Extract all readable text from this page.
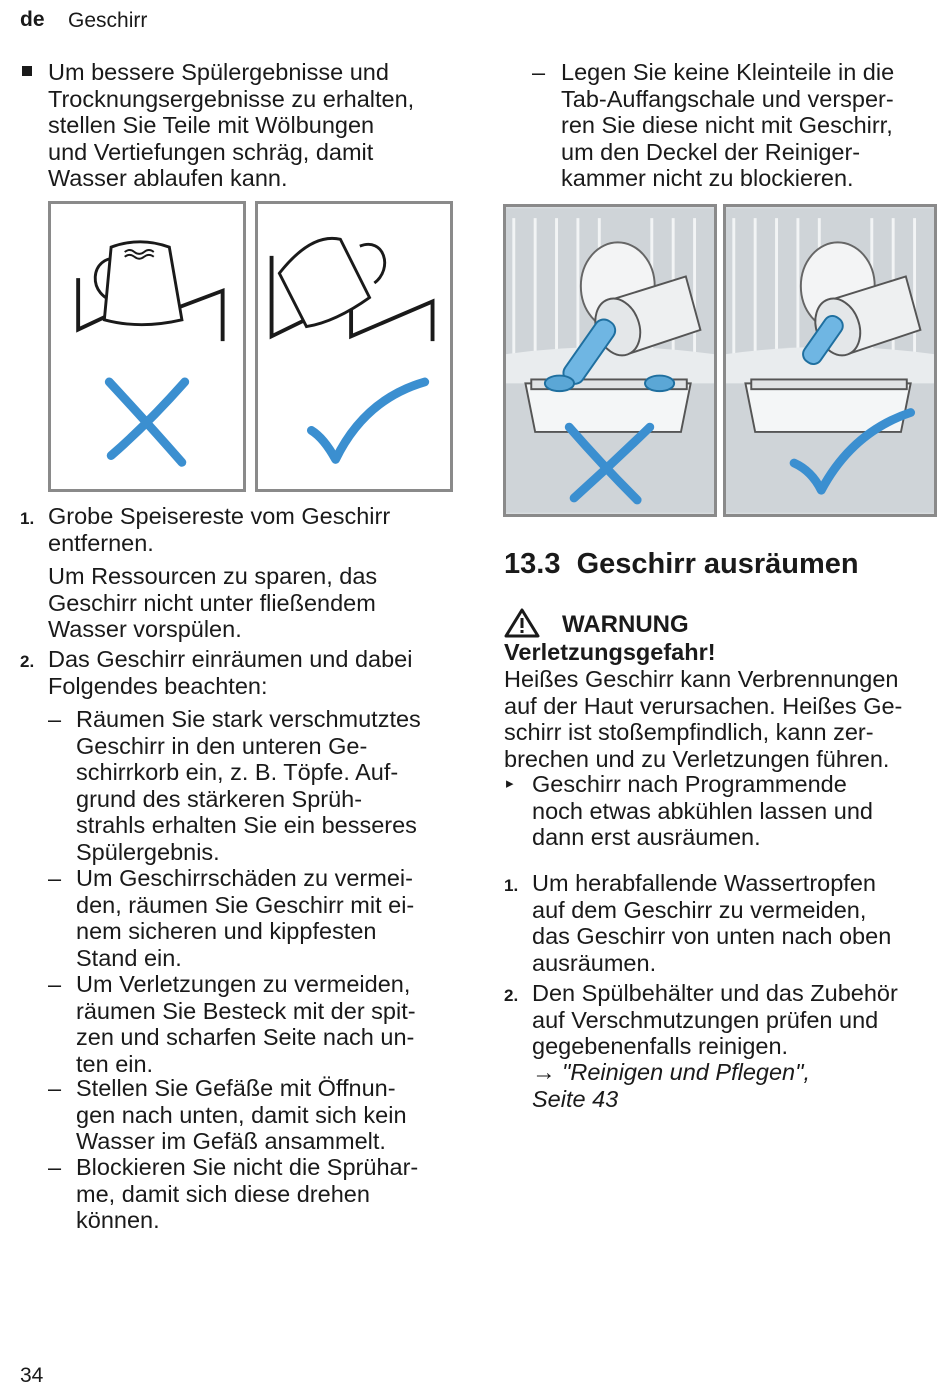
de Geschirr
Um bessere Spülergebnisse und
Trocknungsergebnisse zu erhalten,
stellen Sie Teile mit Wölbungen
und Vertiefungen schräg, damit
Wasser ablaufen kann.
– Legen Sie keine Kleinteile in die
Tab-Auffangschale und versper-
ren Sie diese nicht mit Geschirr,
um den Deckel der Reiniger-
kammer nicht zu blockieren.
1. Grobe Speisereste vom Geschirr
entfernen.
Um Ressourcen zu sparen, das
Geschirr nicht unter fließendem
Wasser vorspülen.
2. Das Geschirr einräumen und dabei
Folgendes beachten:
– Räumen Sie stark verschmutztes
Geschirr in den unteren Ge-
schirrkorb ein, z. B. Töpfe. Auf-
grund des stärkeren Sprüh-
strahls erhalten Sie ein besseres
Spülergebnis.
– Um Geschirrschäden zu vermei-
den, räumen Sie Geschirr mit ei-
nem sicheren und kippfesten
Stand ein.
– Um Verletzungen zu vermeiden,
räumen Sie Besteck mit der spit-
zen und scharfen Seite nach un-
ten ein.
– Stellen Sie Gefäße mit Öffnun-
gen nach unten, damit sich kein
Wasser im Gefäß ansammelt.
– Blockieren Sie nicht die Sprühar-
me, damit sich diese drehen
können.
13.3 Geschirr ausräumen
WARNUNG
Verletzungsgefahr!
Heißes Geschirr kann Verbrennungen
auf der Haut verursachen. Heißes Ge-
schirr ist stoßempfindlich, kann zer-
brechen und zu Verletzungen führen.
▸ Geschirr nach Programmende
noch etwas abkühlen lassen und
dann erst ausräumen.
1. Um herabfallende Wassertropfen
auf dem Geschirr zu vermeiden,
das Geschirr von unten nach oben
ausräumen.
2. Den Spülbehälter und das Zubehör
auf Verschmutzungen prüfen und
gegebenenfalls reinigen.
→ "Reinigen und Pflegen",
Seite 43
34
